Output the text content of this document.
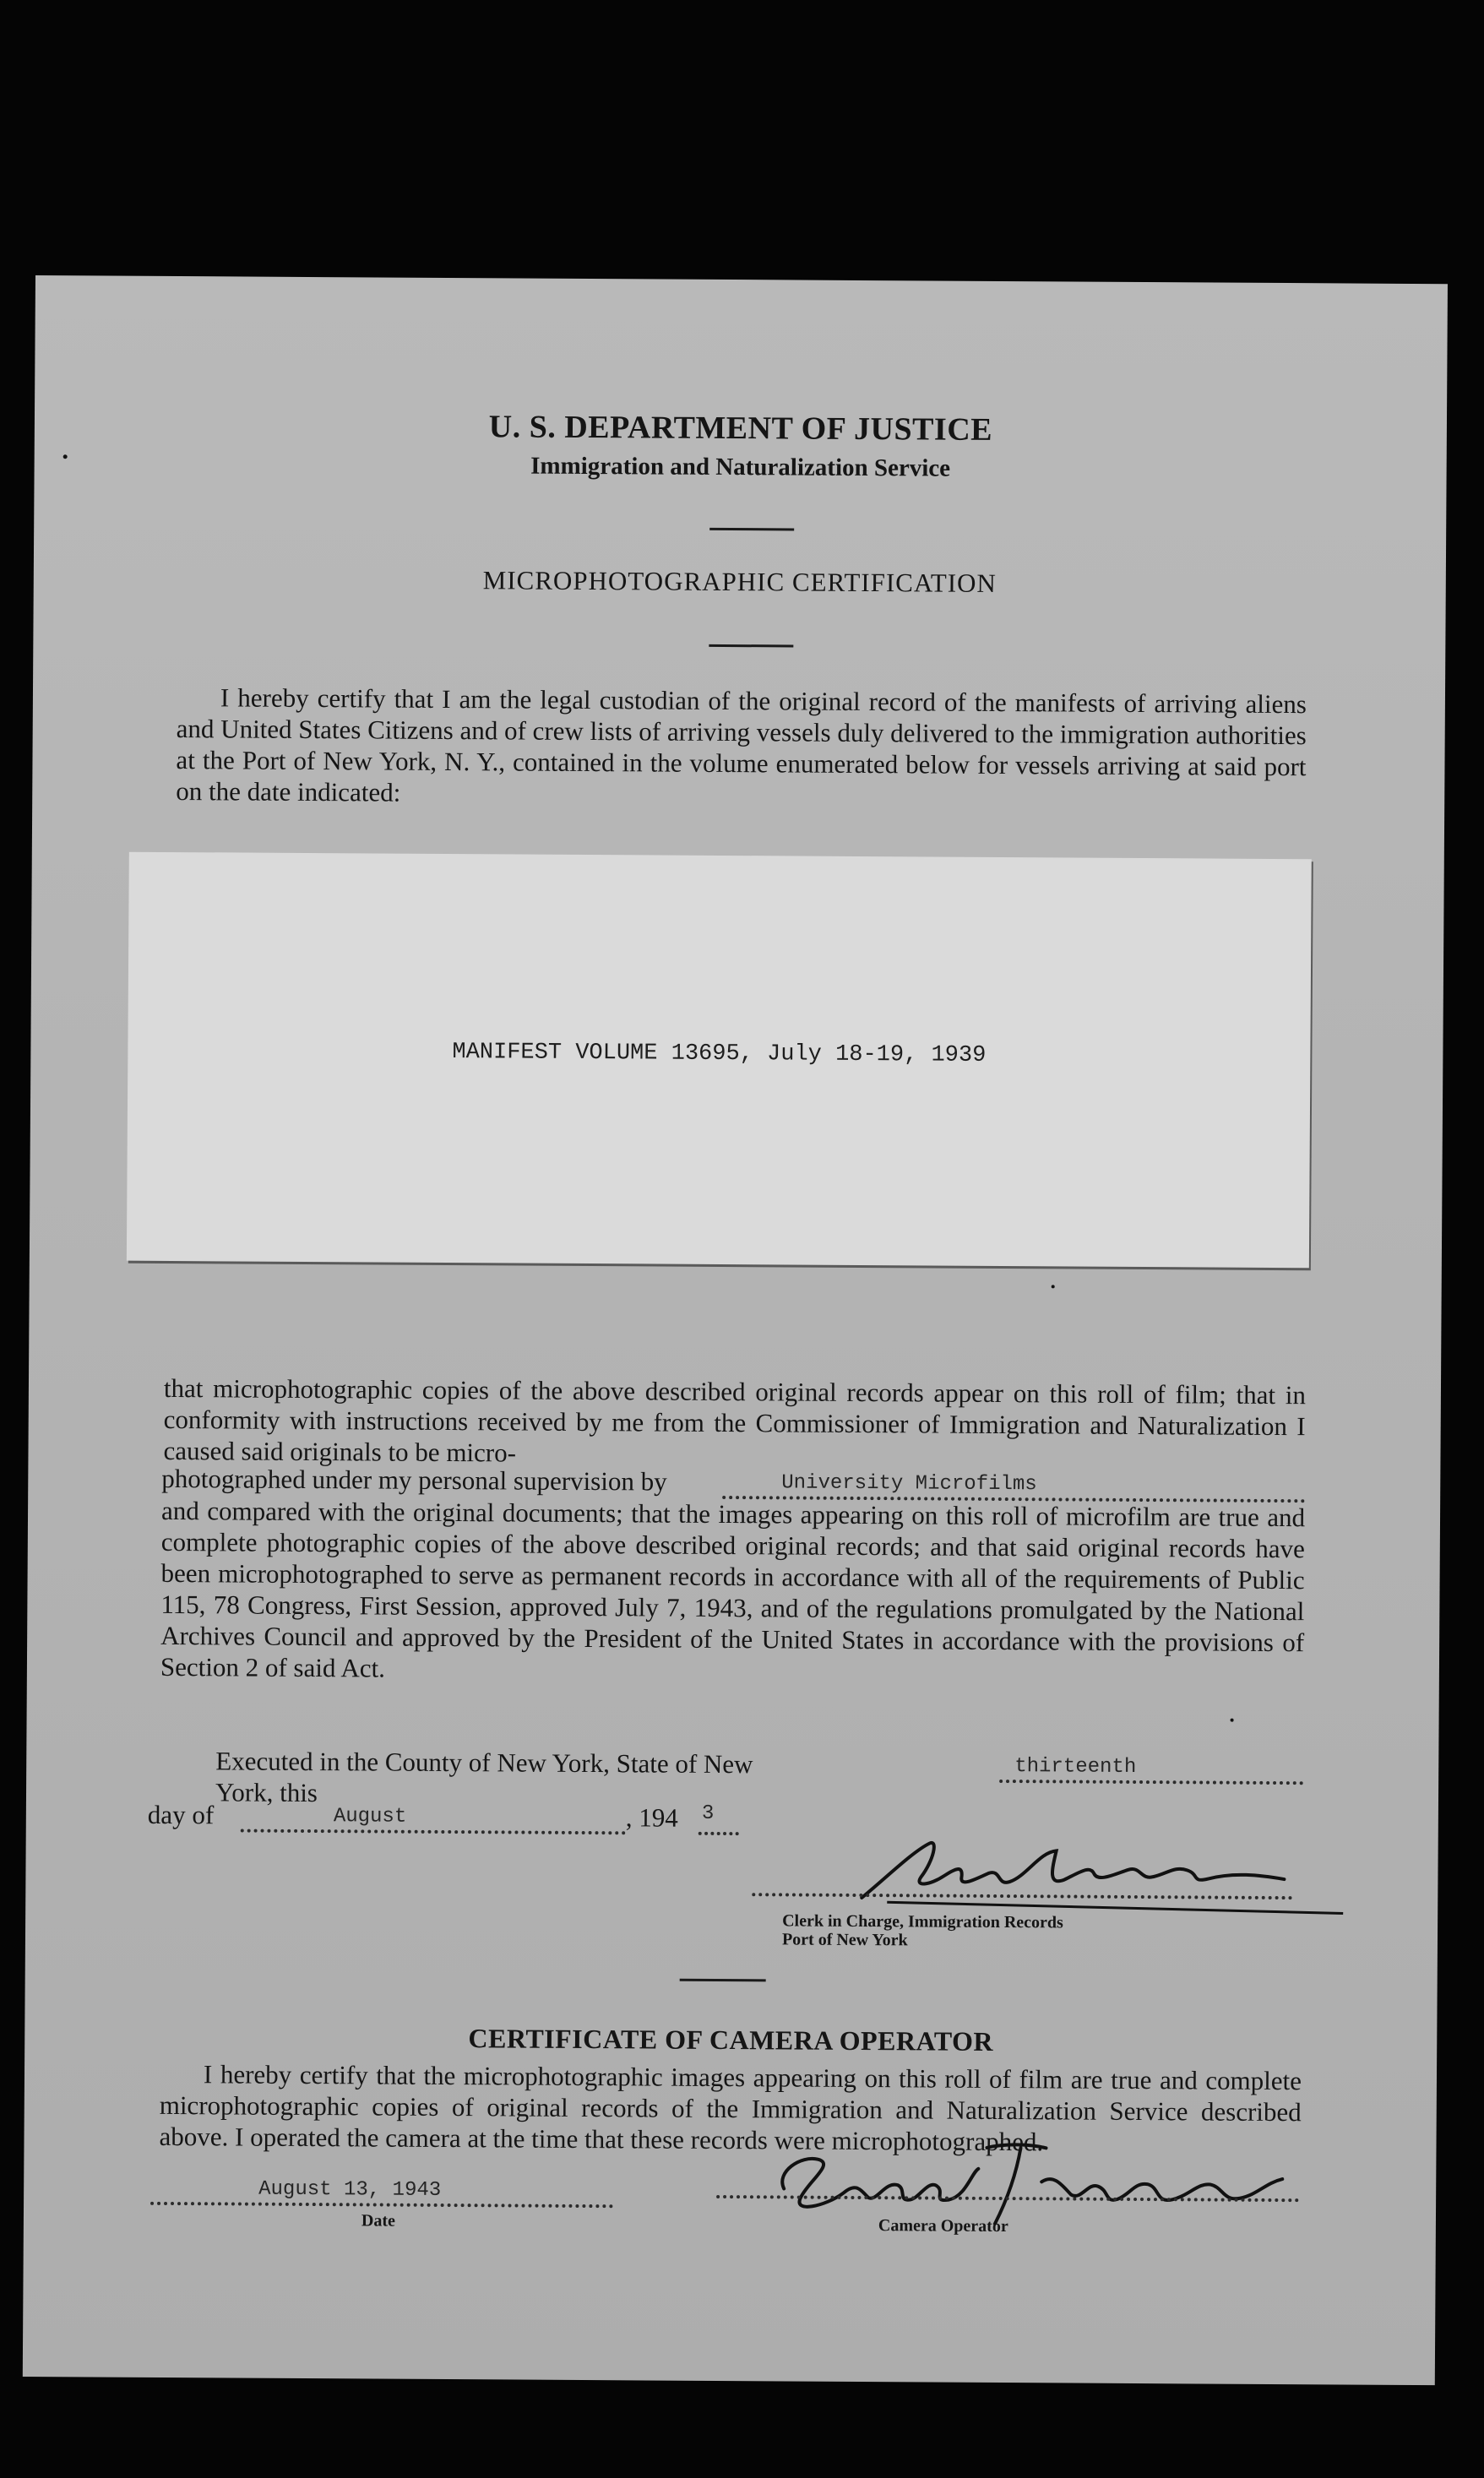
U. S. DEPARTMENT OF JUSTICE
Immigration and Naturalization Service
MICROPHOTOGRAPHIC CERTIFICATION
I hereby certify that I am the legal custodian of the original record of the manifests of arriving aliens and United States Citizens and of crew lists of arriving vessels duly delivered to the immigration authorities at the Port of New York, N. Y., contained in the volume enumerated below for vessels arriving at said port on the date indicated:
MANIFEST VOLUME 13695, July 18-19, 1939
that microphotographic copies of the above described original records appear on this roll of film; that in conformity with instructions received by me from the Commissioner of Immigration and Naturalization I caused said originals to be micro-
photographed under my personal supervision by	University Microfilms
and compared with the original documents; that the images appearing on this roll of microfilm are true and complete photographic copies of the above described original records; and that said original records have been microphotographed to serve as permanent records in accordance with all of the requirements of Public 115, 78 Congress, First Session, approved July 7, 1943, and of the regulations promulgated by the National Archives Council and approved by the President of the United States in accordance with the provisions of Section 2 of said Act.
Executed in the County of New York, State of New York, this
thirteenth
day of	August	, 194	3
Clerk in Charge, Immigration Records
Port of New York
CERTIFICATE OF CAMERA OPERATOR
I hereby certify that the microphotographic images appearing on this roll of film are true and complete microphotographic copies of original records of the Immigration and Naturalization Service described above. I operated the camera at the time that these records were microphotographed.
August 13, 1943
Date	Camera Operator
